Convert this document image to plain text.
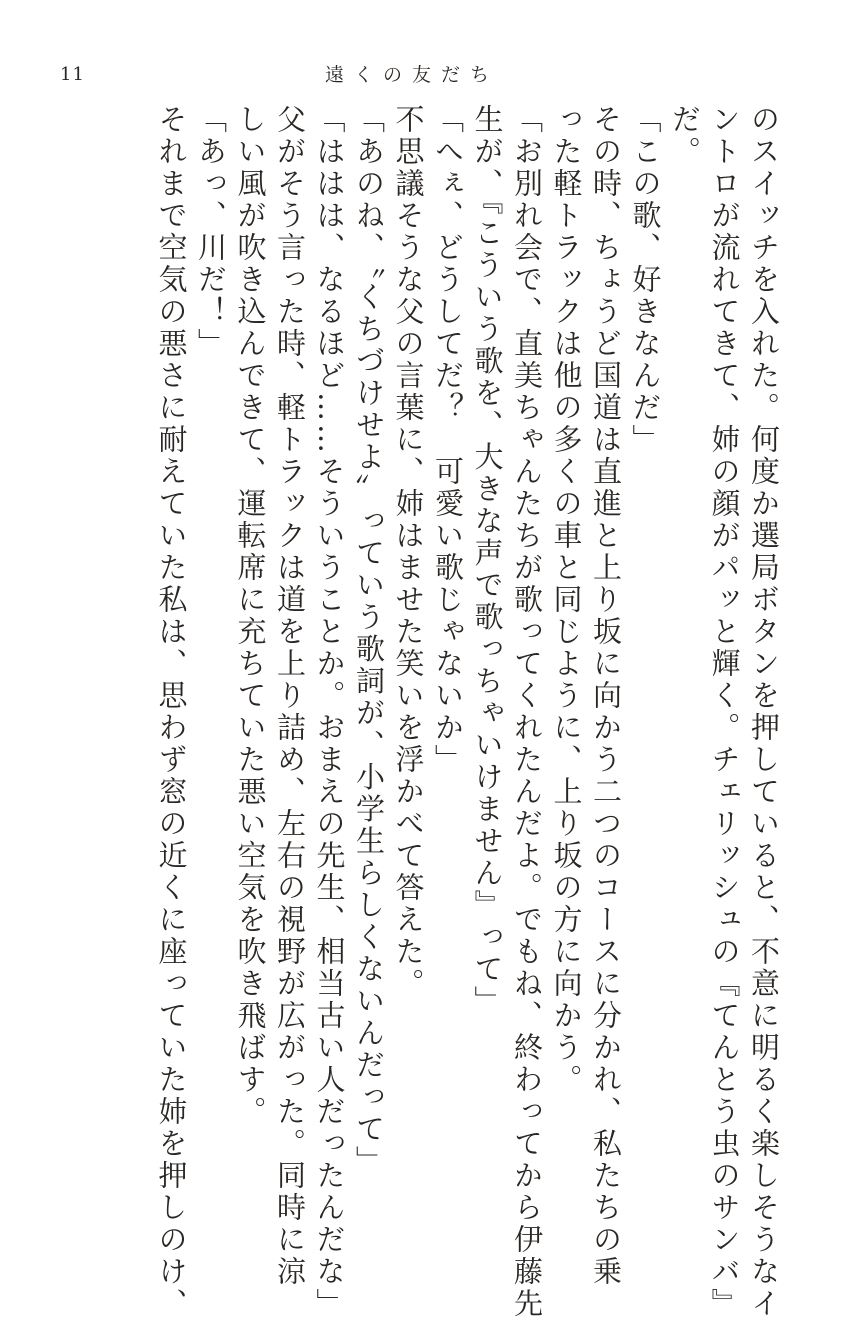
11	遠くの友だち

のスイッチを入れた。何度か選局ボタンを押していると、不意に明るく楽しそうなイ

ントロが流れてきて、姉の顔がパッと輝く。チェリッシュの『てんとう虫のサンバ』

だ。

「この歌、好きなんだ」

その時、ちょうど国道は直進と上り坂に向かう二つのコースに分かれ、私たちの乗

った軽トラックは他の多くの車と同じように、上り坂の方に向かう。

「お別れ会で、直美ちゃんたちが歌ってくれたんだよ。でもね、終わってから伊藤先

生が、『こういう歌を、大きな声で歌っちゃいけません』って」

「へぇ、どうしてだ？　可愛い歌じゃないか」

不思議そうな父の言葉に、姉はませた笑いを浮かべて答えた。

「あのね、〝くちづけせよ〟っていう歌詞が、小学生らしくないんだって」

「ははは、なるほど……そういうことか。おまえの先生、相当古い人だったんだな」

父がそう言った時、軽トラックは道を上り詰め、左右の視野が広がった。同時に涼

しい風が吹き込んできて、運転席に充ちていた悪い空気を吹き飛ばす。

「あっ、川だ！」

それまで空気の悪さに耐えていた私は、思わず窓の近くに座っていた姉を押しのけ、
